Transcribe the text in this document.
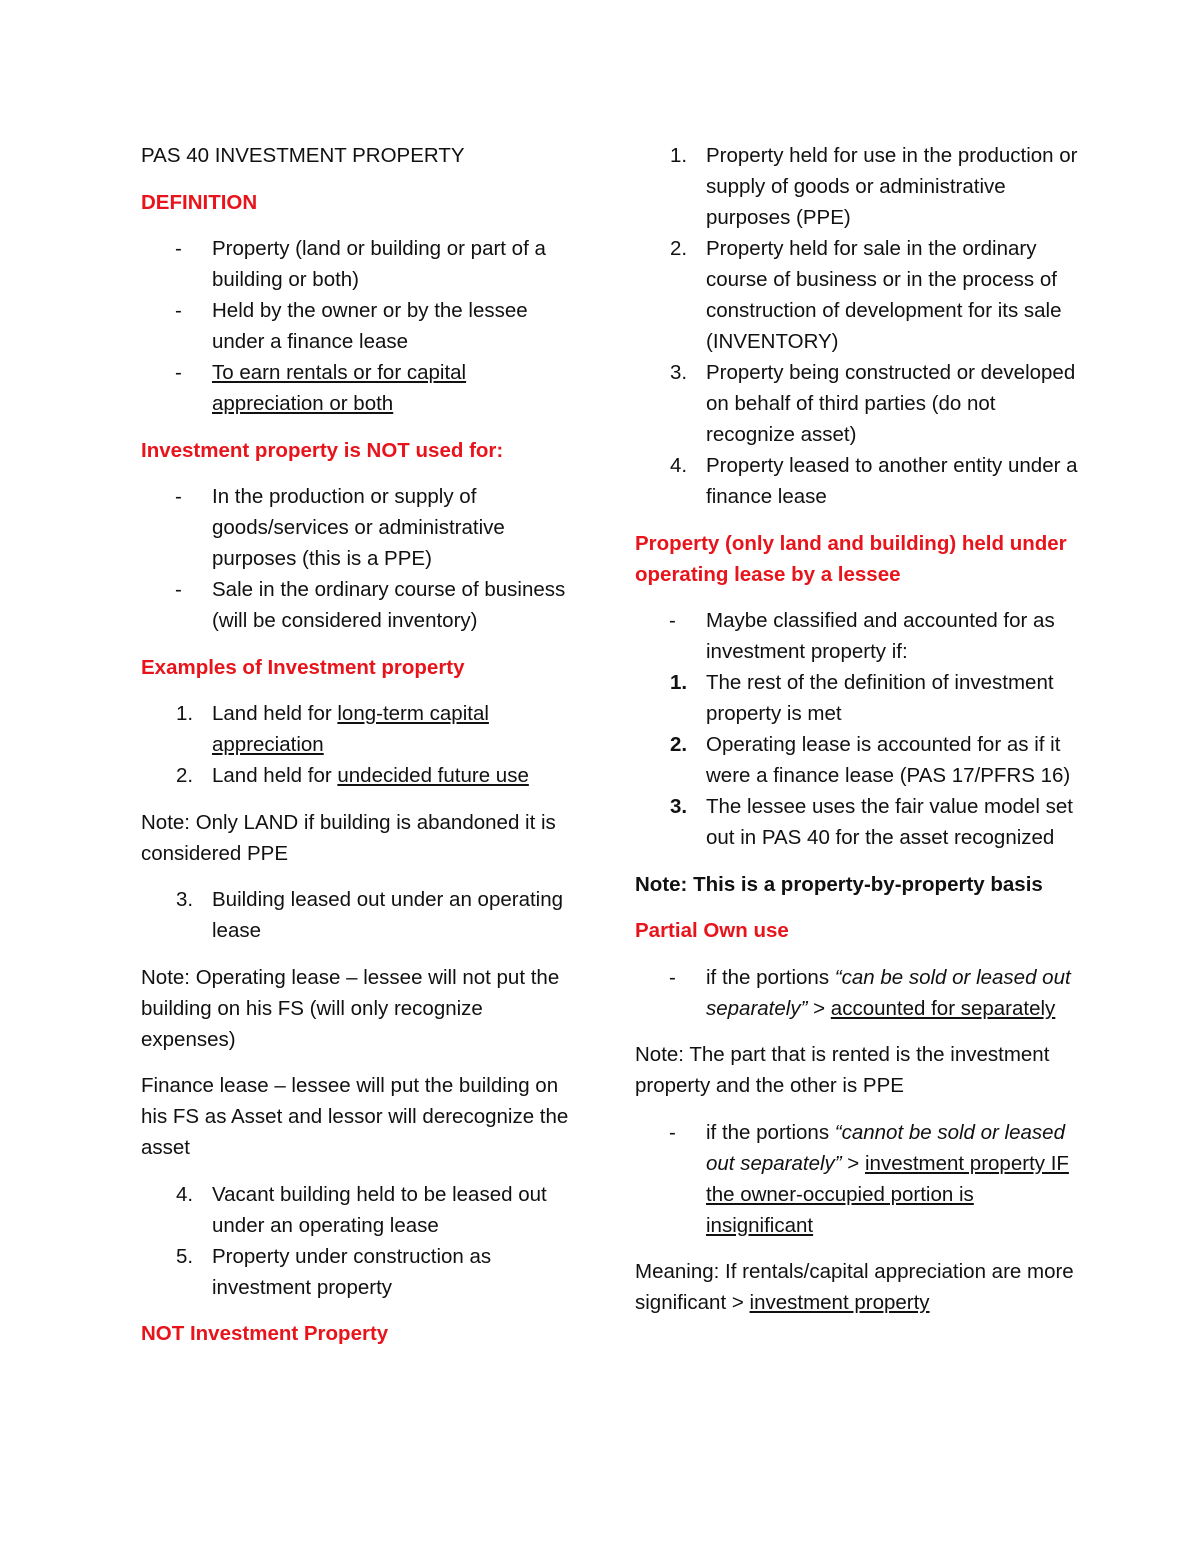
PAS 40 INVESTMENT PROPERTY

DEFINITION

- Property (land or building or part of a building or both)
- Held by the owner or by the lessee under a finance lease
- To earn rentals or for capital appreciation or both

Investment property is NOT used for:

- In the production or supply of goods/services or administrative purposes (this is a PPE)
- Sale in the ordinary course of business (will be considered inventory)

Examples of Investment property

1. Land held for long-term capital appreciation
2. Land held for undecided future use

Note: Only LAND if building is abandoned it is considered PPE

3. Building leased out under an operating lease

Note: Operating lease – lessee will not put the building on his FS (will only recognize expenses)

Finance lease – lessee will put the building on his FS as Asset and lessor will derecognize the asset

4. Vacant building held to be leased out under an operating lease
5. Property under construction as investment property

NOT Investment Property

1. Property held for use in the production or supply of goods or administrative purposes (PPE)
2. Property held for sale in the ordinary course of business or in the process of construction of development for its sale (INVENTORY)
3. Property being constructed or developed on behalf of third parties (do not recognize asset)
4. Property leased to another entity under a finance lease

Property (only land and building) held under operating lease by a lessee

- Maybe classified and accounted for as investment property if:
1. The rest of the definition of investment property is met
2. Operating lease is accounted for as if it were a finance lease (PAS 17/PFRS 16)
3. The lessee uses the fair value model set out in PAS 40 for the asset recognized

Note: This is a property-by-property basis

Partial Own use

- if the portions “can be sold or leased out separately” > accounted for separately

Note: The part that is rented is the investment property and the other is PPE

- if the portions “cannot be sold or leased out separately” > investment property IF the owner-occupied portion is insignificant

Meaning: If rentals/capital appreciation are more significant > investment property
